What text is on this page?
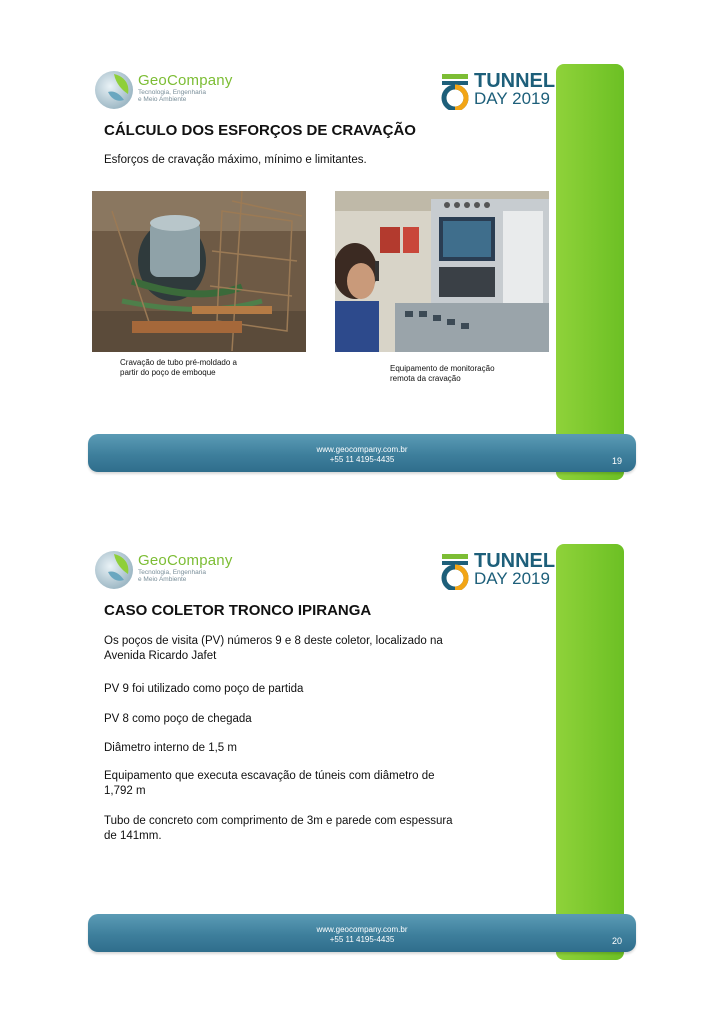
GeoCompany
Tecnologia, Engenharia
e Meio Ambiente
TUNNEL
DAY 2019
CÁLCULO DOS ESFORÇOS DE CRAVAÇÃO
Esforços de cravação máximo, mínimo e limitantes.
Cravação de tubo pré-moldado a
partir do poço de emboque	Equipamento de monitoração
remota da cravação
www.geocompany.com.br
+55 11 4195-4435	19
GeoCompany
Tecnologia, Engenharia
e Meio Ambiente
TUNNEL
DAY 2019
CASO COLETOR TRONCO IPIRANGA
Os poços de visita (PV) números 9 e 8 deste coletor, localizado na
Avenida Ricardo Jafet
PV 9 foi utilizado como poço de partida
PV 8 como poço de chegada
Diâmetro interno de 1,5 m
Equipamento que executa escavação de túneis com diâmetro de
1,792 m
Tubo de concreto com comprimento de 3m e parede com espessura
de 141mm.
www.geocompany.com.br
+55 11 4195-4435	20
